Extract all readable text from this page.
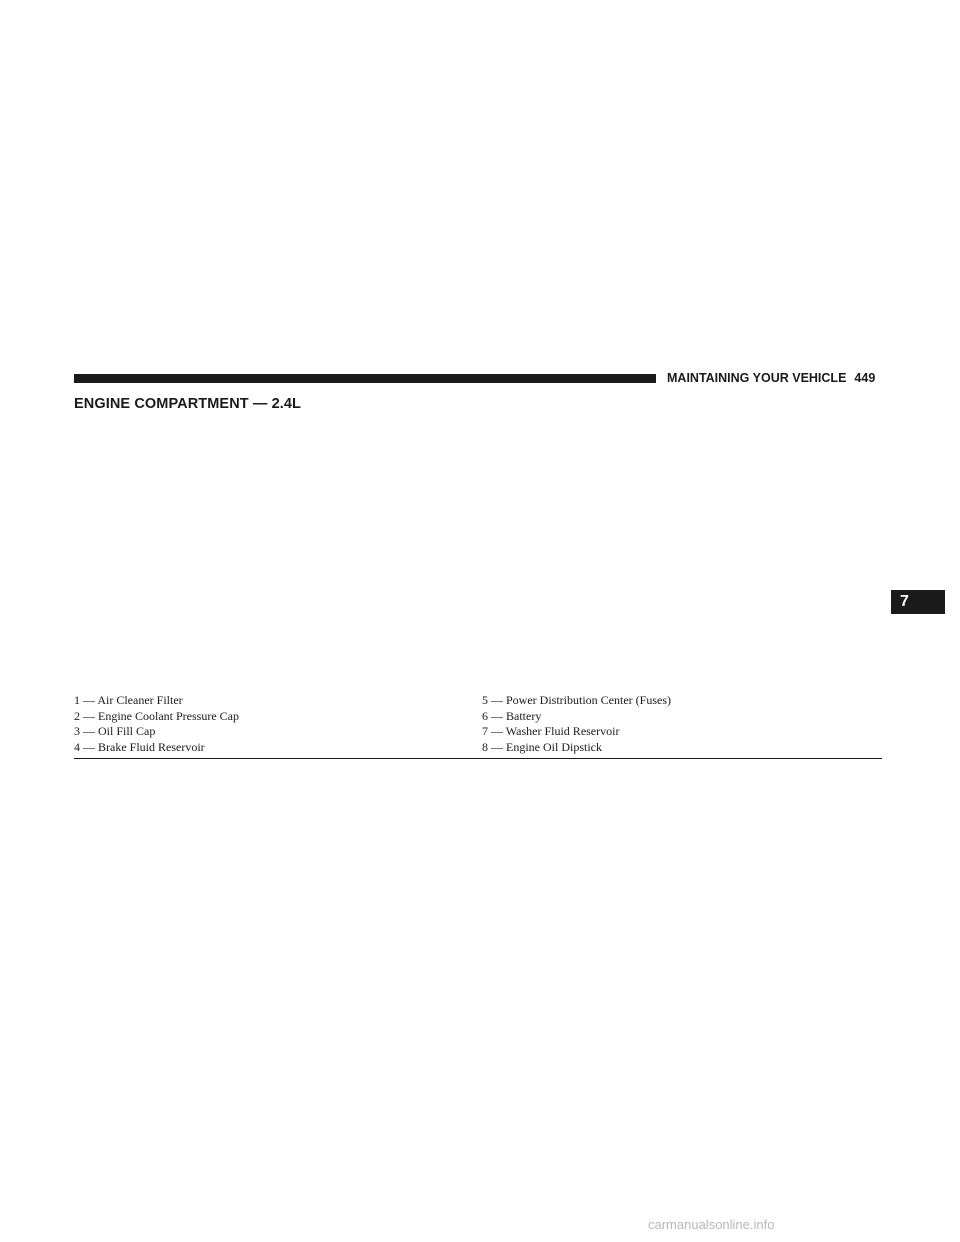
MAINTAINING YOUR VEHICLE 449
ENGINE COMPARTMENT — 2.4L
7
1 — Air Cleaner Filter
2 — Engine Coolant Pressure Cap
3 — Oil Fill Cap
4 — Brake Fluid Reservoir
5 — Power Distribution Center (Fuses)
6 — Battery
7 — Washer Fluid Reservoir
8 — Engine Oil Dipstick
carmanualsonline.info
